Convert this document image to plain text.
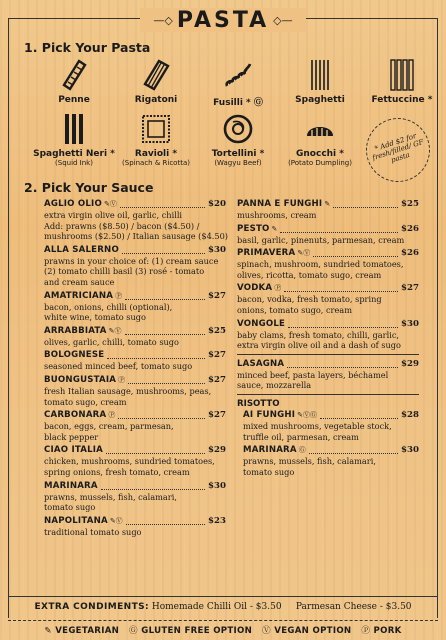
—◇ PASTA ◇—
1. Pick Your Pasta
Penne	Rigatoni	Fusilli * Ⓖ	Spaghetti	Fettuccine *
Spaghetti Neri *
(Squid Ink)
Ravioli *
(Spinach & Ricotta)
Tortellini *
(Wagyu Beef)
Gnocchi *
(Potato Dumpling)
* Add $2 for fresh/filled/ GF pasta
2. Pick Your Sauce
AGLIO OLIO ✎Ⓥ	$20
extra virgin olive oil, garlic, chilli
Add: prawns ($8.50) / bacon ($4.50) /
mushrooms ($2.50) / Italian sausage ($4.50)
ALLA SALERNO	$30
prawns in your choice of: (1) cream sauce
(2) tomato chilli basil (3) rosé - tomato
and cream sauce
AMATRICIANA Ⓟ	$27
bacon, onions, chilli (optional),
white wine, tomato sugo
ARRABBIATA ✎Ⓥ	$25
olives, garlic, chilli, tomato sugo
BOLOGNESE	$27
seasoned minced beef, tomato sugo
BUONGUSTAIA Ⓟ	$27
fresh Italian sausage, mushrooms, peas,
tomato sugo, cream
CARBONARA Ⓟ	$27
bacon, eggs, cream, parmesan,
black pepper
CIAO ITALIA	$29
chicken, mushrooms, sundried tomatoes,
spring onions, fresh tomato, cream
MARINARA	$30
prawns, mussels, fish, calamari,
tomato sugo
NAPOLITANA ✎Ⓥ	$23
traditional tomato sugo
PANNA E FUNGHI ✎	$25
mushrooms, cream
PESTO ✎	$26
basil, garlic, pinenuts, parmesan, cream
PRIMAVERA ✎Ⓥ	$26
spinach, mushroom, sundried tomatoes,
olives, ricotta, tomato sugo, cream
VODKA Ⓟ	$27
bacon, vodka, fresh tomato, spring
onions, tomato sugo, cream
VONGOLE	$30
baby clams, fresh tomato, chilli, garlic,
extra virgin olive oil and a dash of sugo
LASAGNA	$29
minced beef, pasta layers, béchamel
sauce, mozzarella
RISOTTO
AI FUNGHI ✎ⓋⒼ	$28
mixed mushrooms, vegetable stock,
truffle oil, parmesan, cream
MARINARA Ⓖ	$30
prawns, mussels, fish, calamari,
tomato sugo
EXTRA CONDIMENTS: Homemade Chilli Oil - $3.50 Parmesan Cheese - $3.50
✎ VEGETARIAN Ⓖ GLUTEN FREE OPTION Ⓥ VEGAN OPTION Ⓟ PORK
